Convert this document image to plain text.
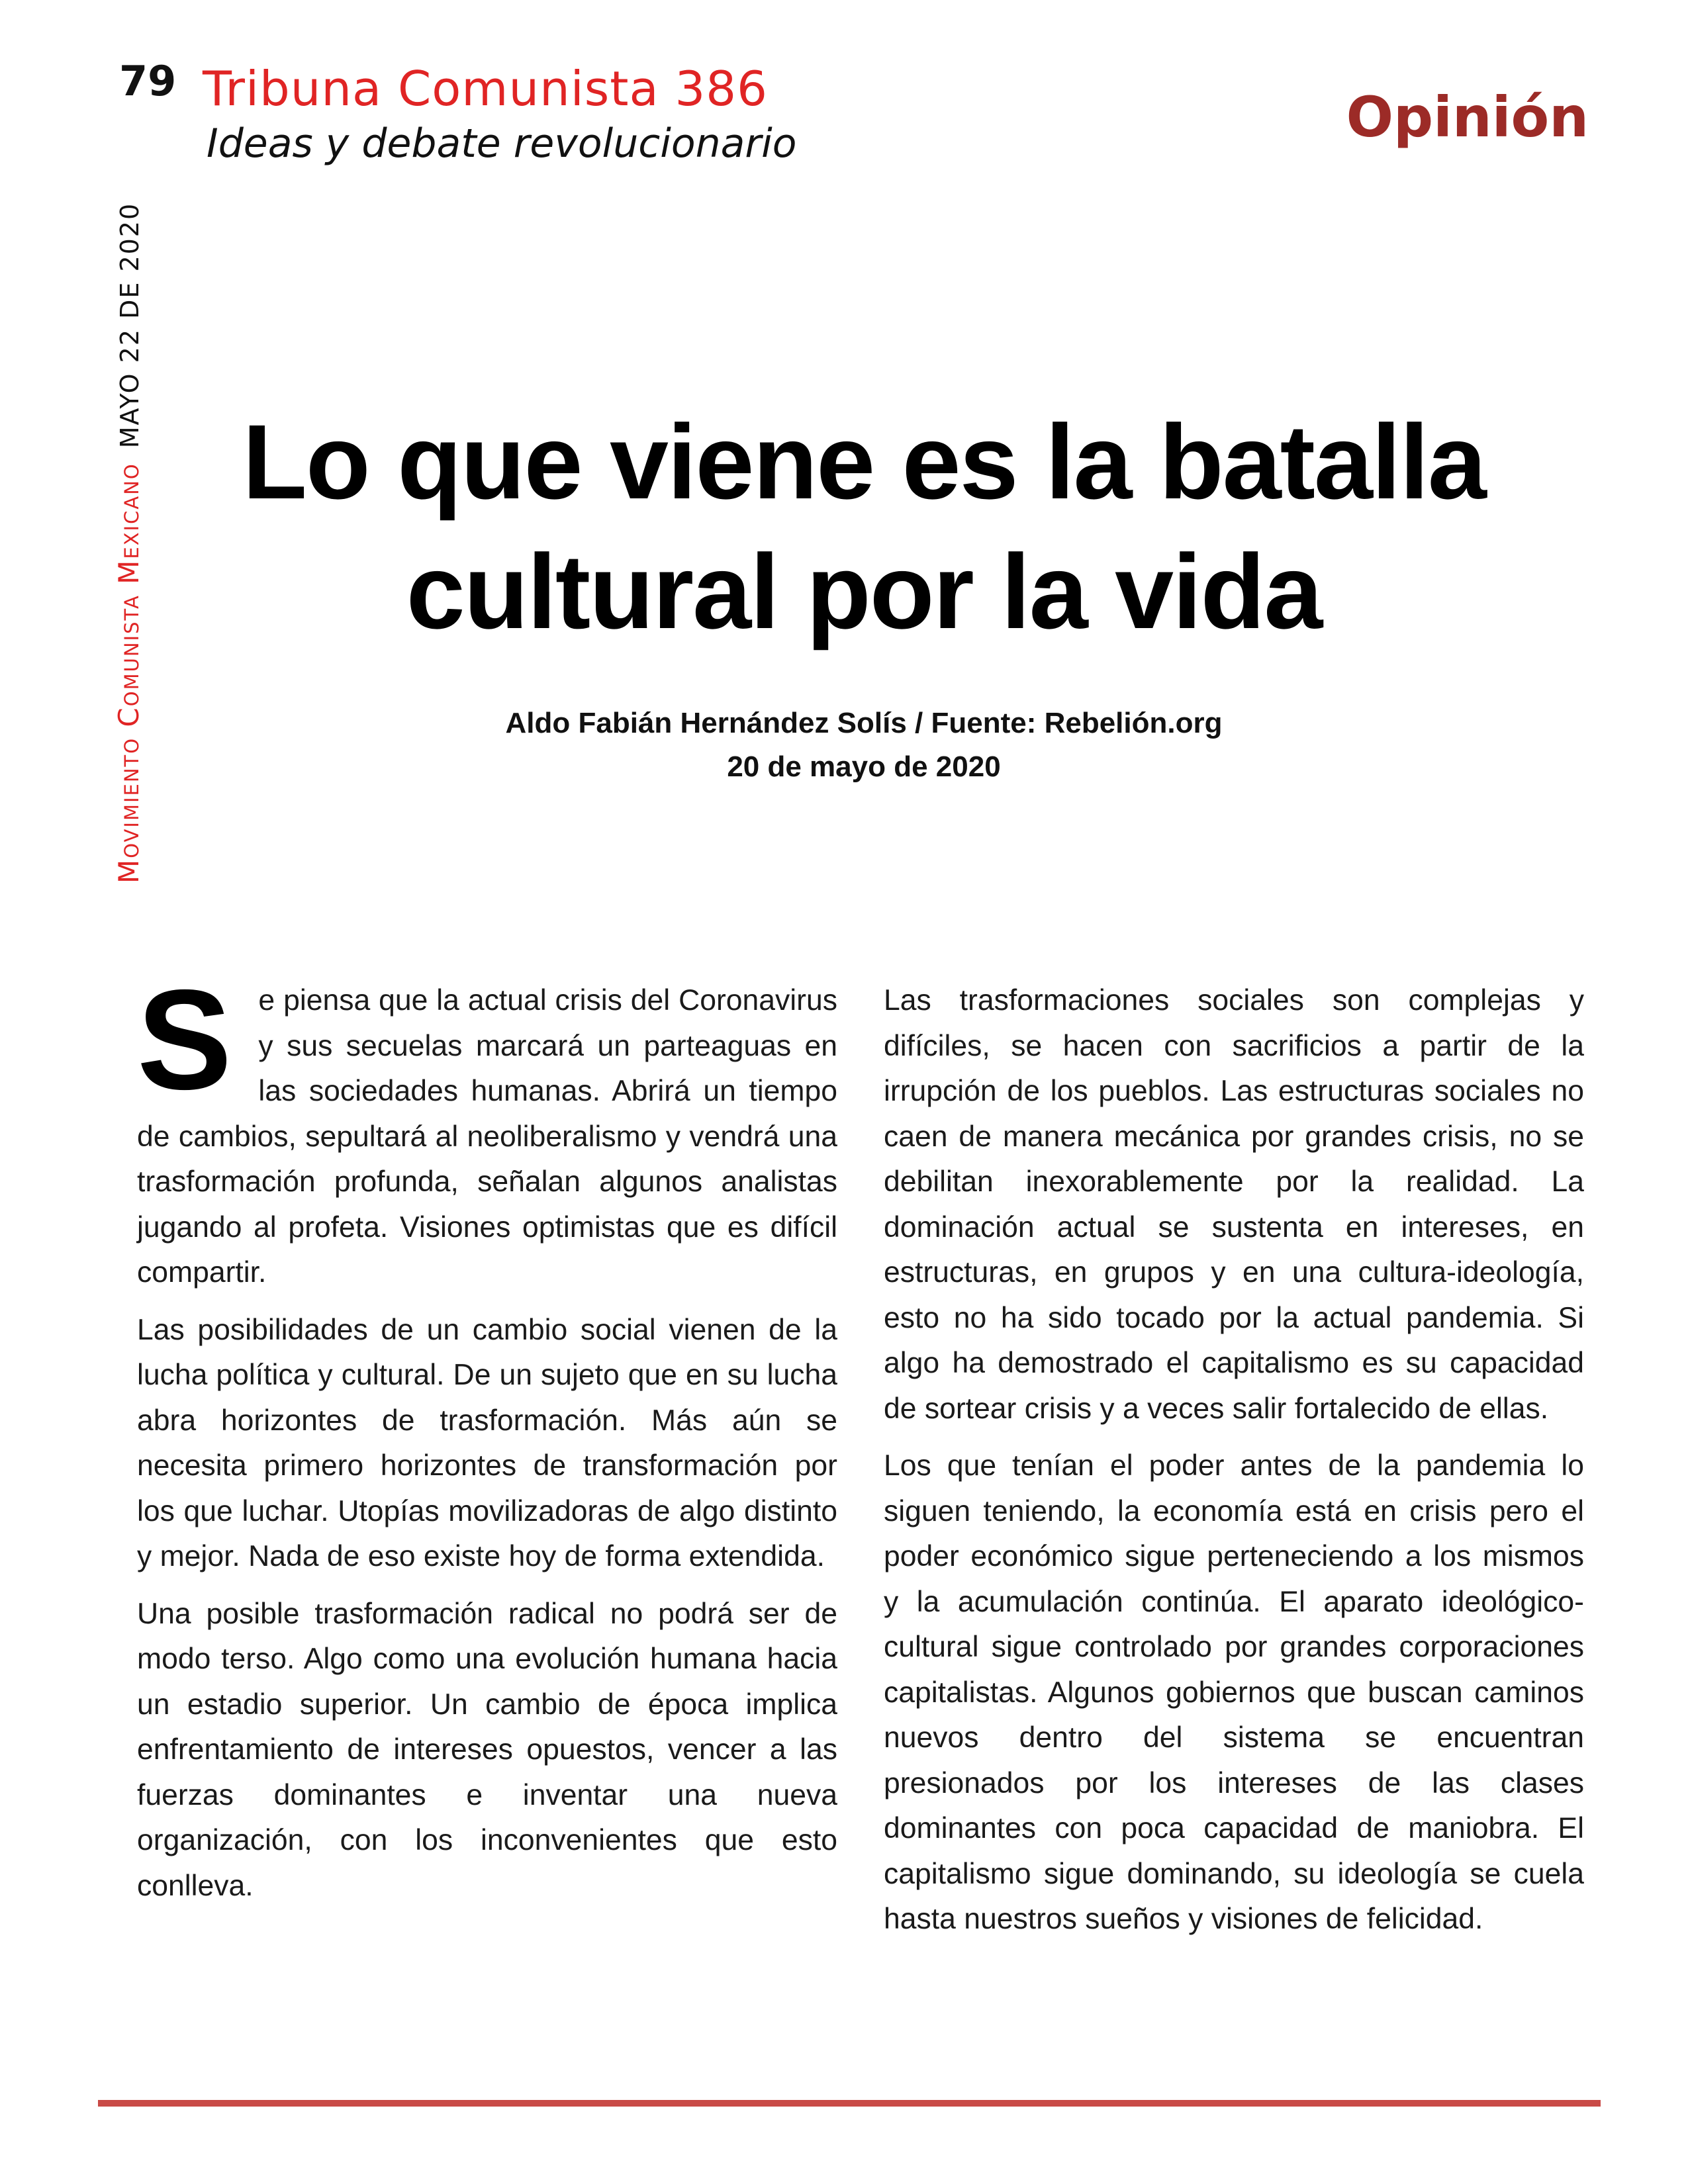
79 Tribuna Comunista 386
Ideas y debate revolucionario	Opinión
Movimiento Comunista MexicanoMAYO 22 DE 2020
Lo que viene es la batalla cultural por la vida
Aldo Fabián Hernández Solís / Fuente: Rebelión.org
20 de mayo de 2020

Se piensa que la actual crisis del Coronavirus y sus secuelas marcará un parteaguas en las sociedades humanas. Abrirá un tiempo de cambios, sepultará al neoliberalismo y vendrá una trasformación profunda, señalan algunos analistas jugando al profeta. Visiones optimistas que es difícil compartir.

Las posibilidades de un cambio social vienen de la lucha política y cultural. De un sujeto que en su lucha abra horizontes de trasformación. Más aún se necesita primero horizontes de transformación por los que luchar. Utopías movilizadoras de algo distinto y mejor. Nada de eso existe hoy de forma extendida.

Una posible trasformación radical no podrá ser de modo terso. Algo como una evolución humana hacia un estadio superior. Un cambio de época implica enfrentamiento de intereses opuestos, vencer a las fuerzas dominantes e inventar una nueva organización, con los inconvenientes que esto conlleva.

Las trasformaciones sociales son complejas y difíciles, se hacen con sacrificios a partir de la irrupción de los pueblos. Las estructuras sociales no caen de manera mecánica por grandes crisis, no se debilitan inexorablemente por la realidad. La dominación actual se sustenta en intereses, en estructuras, en grupos y en una cultura-ideología, esto no ha sido tocado por la actual pandemia. Si algo ha demostrado el capitalismo es su capacidad de sortear crisis y a veces salir fortalecido de ellas.

Los que tenían el poder antes de la pandemia lo siguen teniendo, la economía está en crisis pero el poder económico sigue perteneciendo a los mismos y la acumulación continúa. El aparato ideológico-cultural sigue controlado por grandes corporaciones capitalistas. Algunos gobiernos que buscan caminos nuevos dentro del sistema se encuentran presionados por los intereses de las clases dominantes con poca capacidad de maniobra. El capitalismo sigue dominando, su ideología se cuela hasta nuestros sueños y visiones de felicidad.
